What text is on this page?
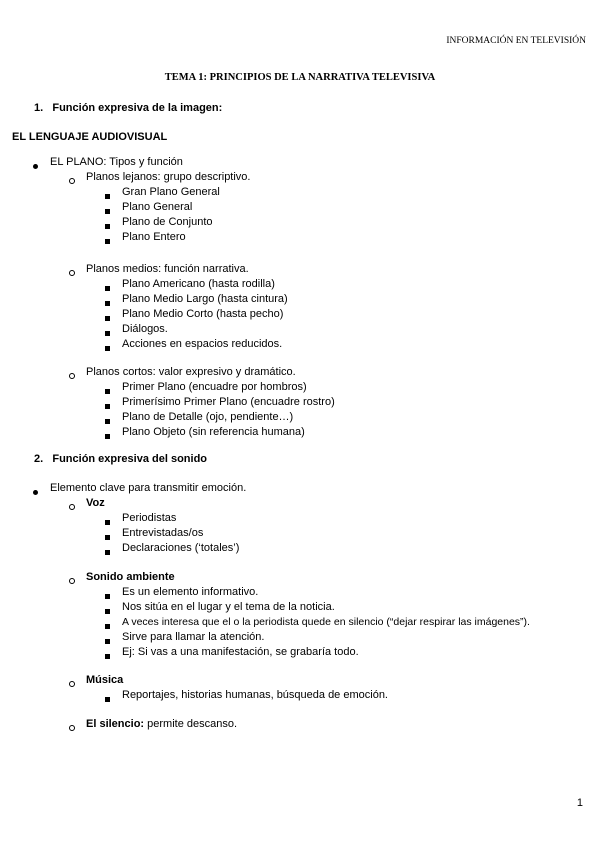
INFORMACIÓN EN TELEVISIÓN
TEMA 1: PRINCIPIOS DE LA NARRATIVA TELEVISIVA
1. Función expresiva de la imagen:
EL LENGUAJE AUDIOVISUAL
EL PLANO: Tipos y función
Planos lejanos: grupo descriptivo.
Gran Plano General
Plano General
Plano de Conjunto
Plano Entero
Planos medios: función narrativa.
Plano Americano (hasta rodilla)
Plano Medio Largo (hasta cintura)
Plano Medio Corto (hasta pecho)
Diálogos.
Acciones en espacios reducidos.
Planos cortos: valor expresivo y dramático.
Primer Plano (encuadre por hombros)
Primerísimo Primer Plano (encuadre rostro)
Plano de Detalle (ojo, pendiente…)
Plano Objeto (sin referencia humana)
2. Función expresiva del sonido
Elemento clave para transmitir emoción.
Voz
Periodistas
Entrevistadas/os
Declaraciones (‘totales’)
Sonido ambiente
Es un elemento informativo.
Nos sitúa en el lugar y el tema de la noticia.
A veces interesa que el o la periodista quede en silencio (“dejar respirar las imágenes”).
Sirve para llamar la atención.
Ej: Si vas a una manifestación, se grabaría todo.
Música
Reportajes, historias humanas, búsqueda de emoción.
El silencio: permite descanso.
1
